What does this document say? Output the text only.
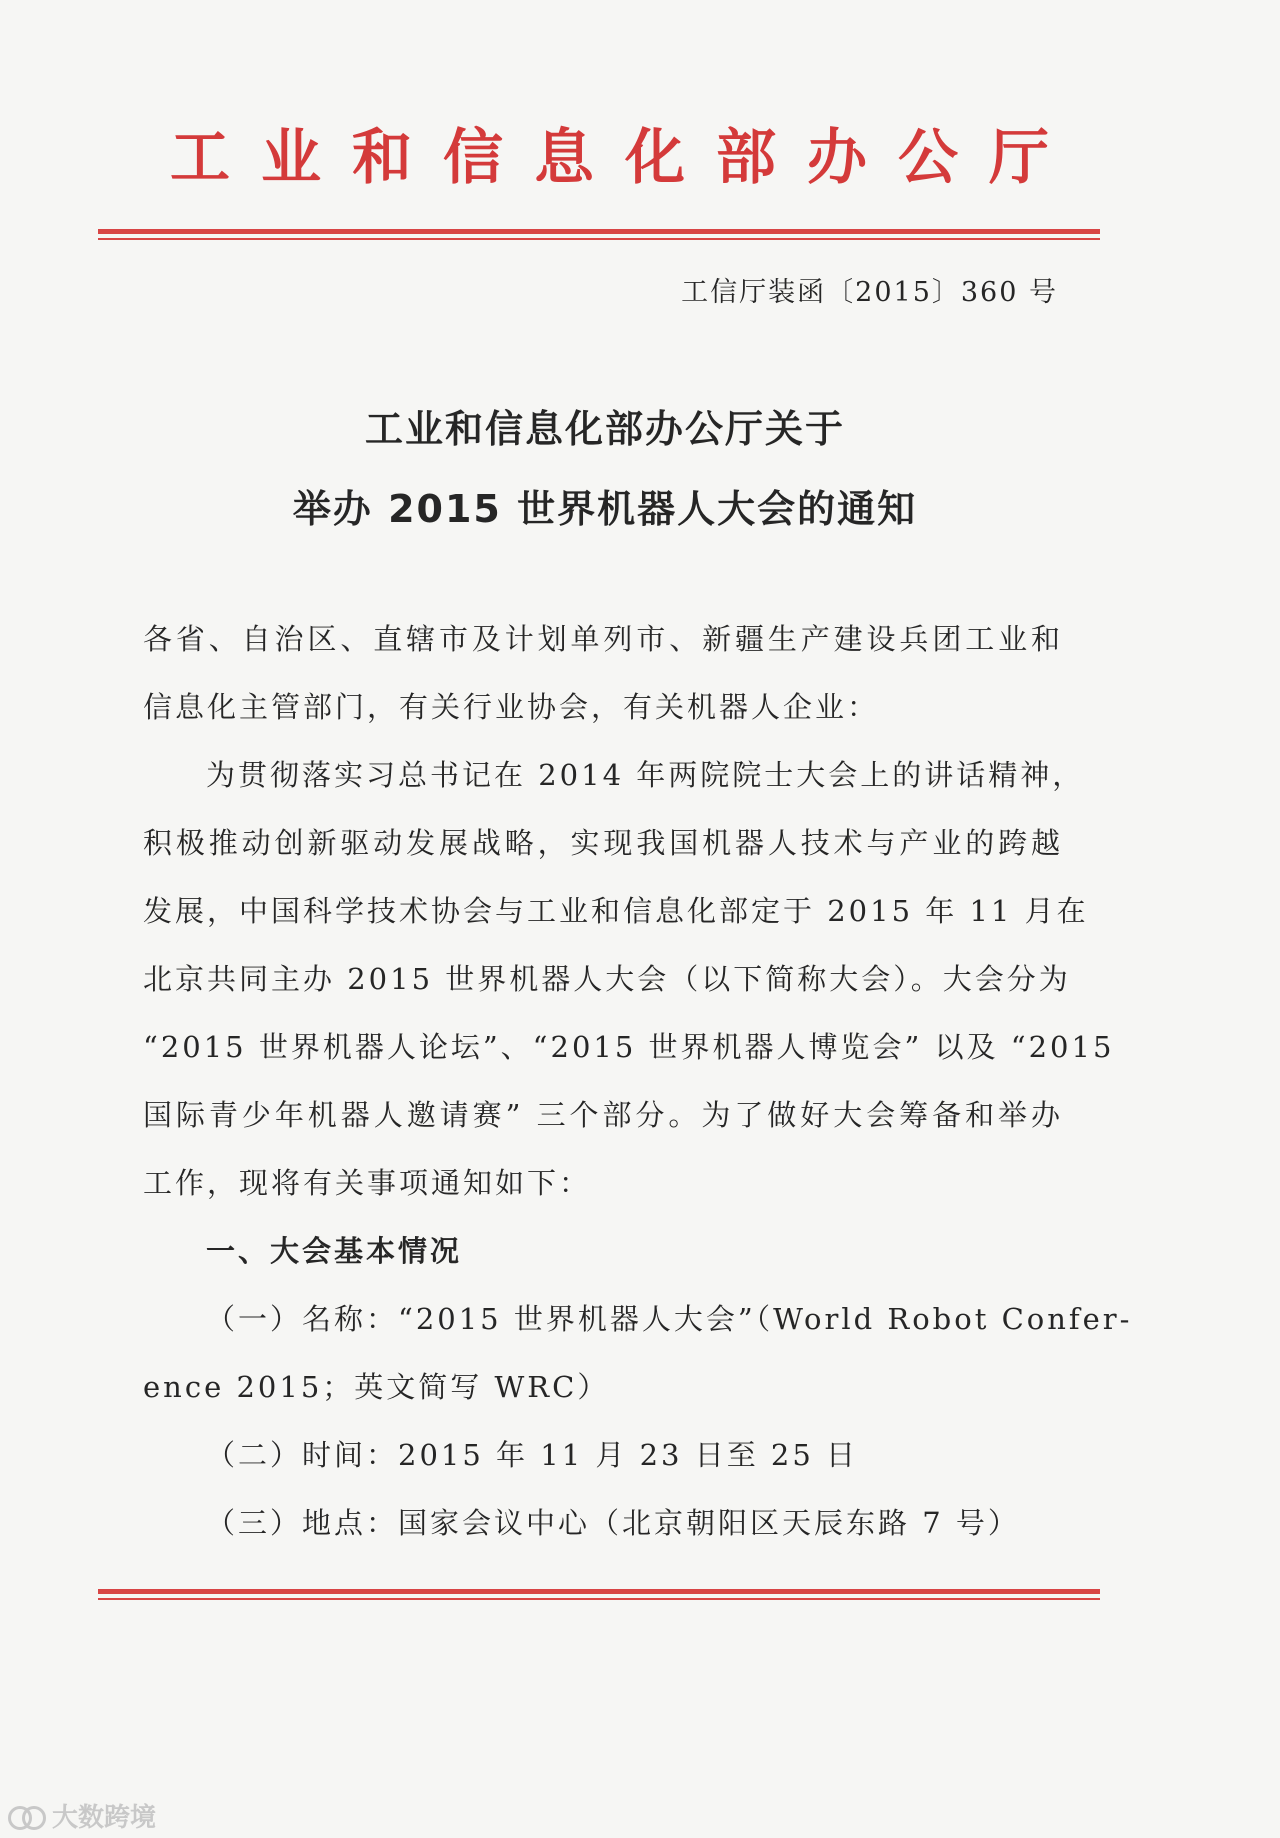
工业和信息化部办公厅
工信厅装函〔2015〕360 号
工业和信息化部办公厅关于
举办 2015 世界机器人大会的通知
各省、自治区、直辖市及计划单列市、新疆生产建设兵团工业和
信息化主管部门，有关行业协会，有关机器人企业：
为贯彻落实习总书记在 2014 年两院院士大会上的讲话精神，
积极推动创新驱动发展战略，实现我国机器人技术与产业的跨越
发展，中国科学技术协会与工业和信息化部定于 2015 年 11 月在
北京共同主办 2015 世界机器人大会（以下简称大会）。大会分为
“2015 世界机器人论坛”、“2015 世界机器人博览会” 以及 “2015
国际青少年机器人邀请赛” 三个部分。为了做好大会筹备和举办
工作，现将有关事项通知如下：
一、大会基本情况
（一）名称：“2015 世界机器人大会”（World Robot Confer-
ence 2015；英文简写 WRC）
（二）时间：2015 年 11 月 23 日至 25 日
（三）地点：国家会议中心（北京朝阳区天辰东路 7 号）
大数跨境
